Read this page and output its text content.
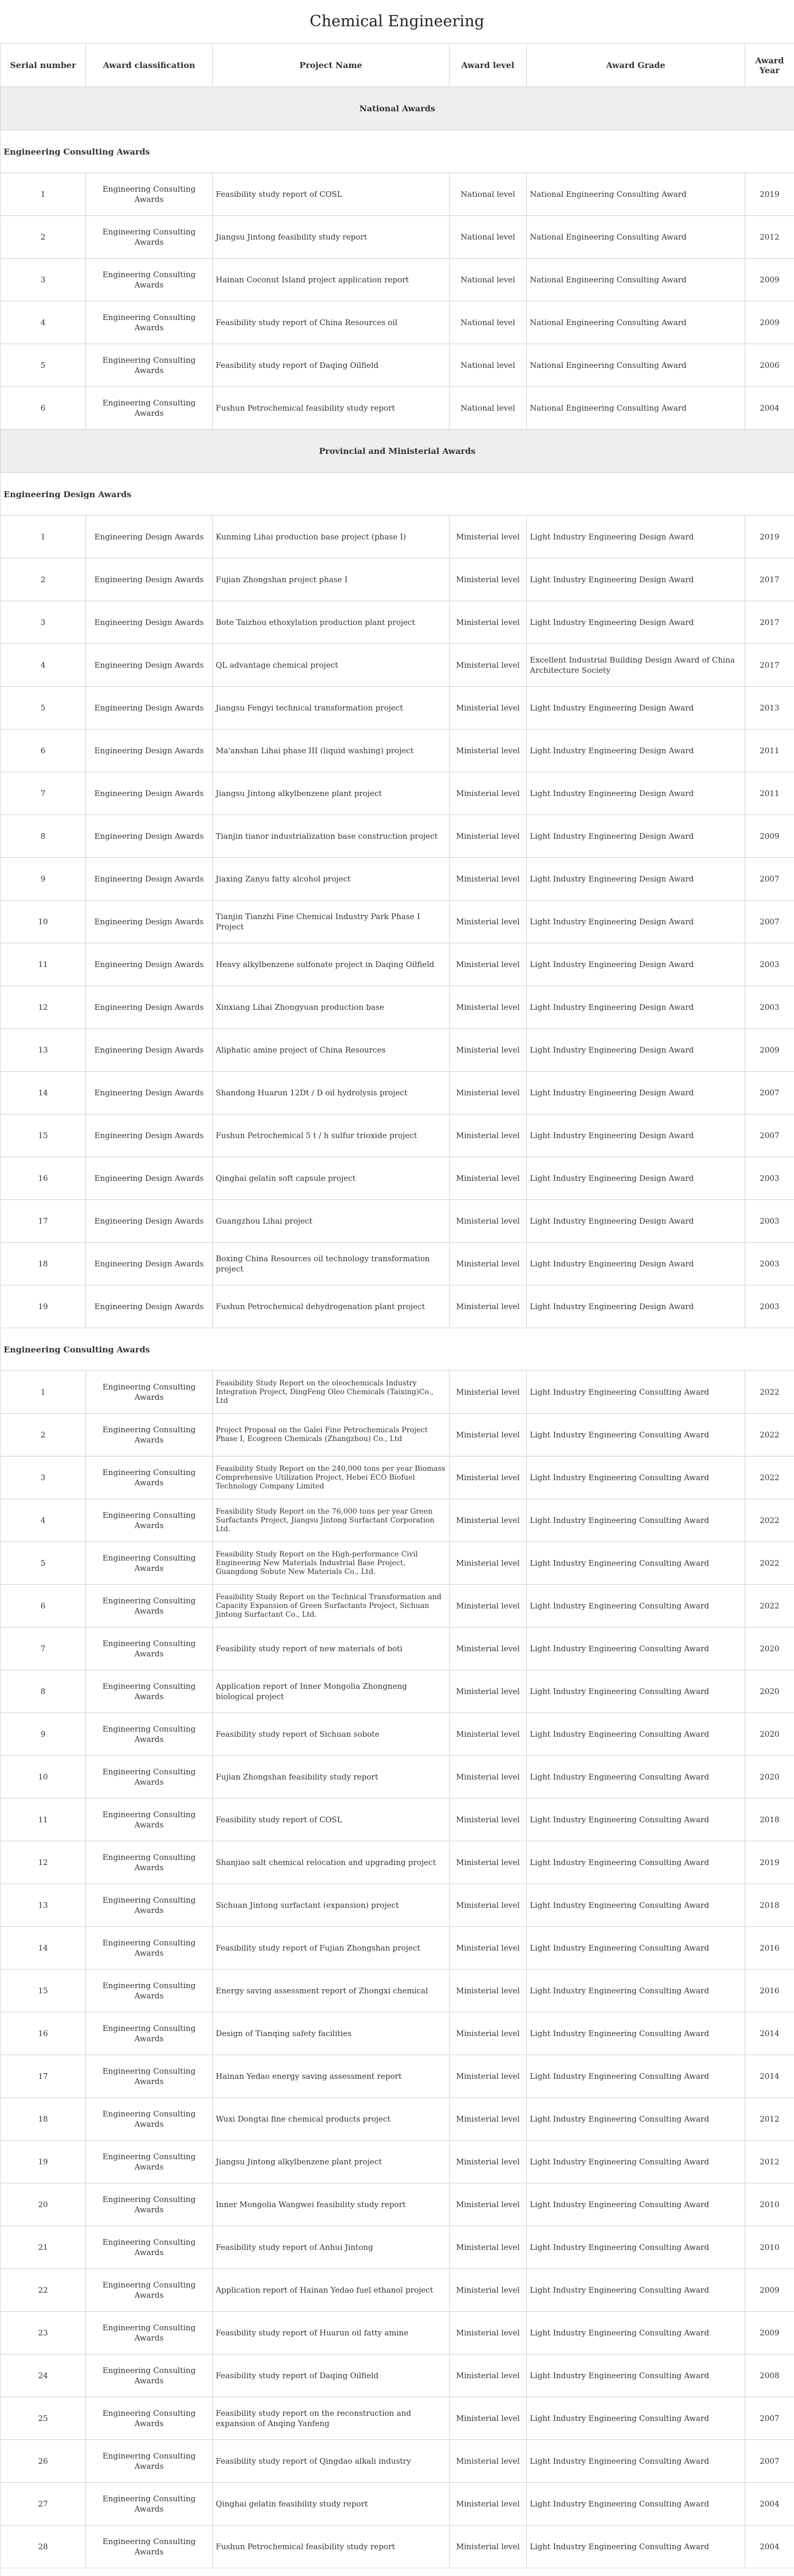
Chemical Engineering
Serial number	Award classification	Project Name	Award level	Award Grade	Award Year
National Awards					
Engineering Consulting Awards					
1	Engineering Consulting Awards	Feasibility study report of COSL	National level	National Engineering Consulting Award	2019
2	Engineering Consulting Awards	Jiangsu Jintong feasibility study report	National level	National Engineering Consulting Award	2012
3	Engineering Consulting Awards	Hainan Coconut Island project application report	National level	National Engineering Consulting Award	2009
4	Engineering Consulting Awards	Feasibility study report of China Resources oil	National level	National Engineering Consulting Award	2009
5	Engineering Consulting Awards	Feasibility study report of Daqing Oilfield	National level	National Engineering Consulting Award	2006
6	Engineering Consulting Awards	Fushun Petrochemical feasibility study report	National level	National Engineering Consulting Award	2004
Provincial and Ministerial Awards					
Engineering Design Awards					
1	Engineering Design Awards	Kunming Lihai production base project (phase I)	Ministerial level	Light Industry Engineering Design Award	2019
2	Engineering Design Awards	Fujian Zhongshan project phase I	Ministerial level	Light Industry Engineering Design Award	2017
3	Engineering Design Awards	Bote Taizhou ethoxylation production plant project	Ministerial level	Light Industry Engineering Design Award	2017
4	Engineering Design Awards	QL advantage chemical project	Ministerial level	Excellent Industrial Building Design Award of China Architecture Society	2017
5	Engineering Design Awards	Jiangsu Fengyi technical transformation project	Ministerial level	Light Industry Engineering Design Award	2013
6	Engineering Design Awards	Ma'anshan Lihai phase III (liquid washing) project	Ministerial level	Light Industry Engineering Design Award	2011
7	Engineering Design Awards	Jiangsu Jintong alkylbenzene plant project	Ministerial level	Light Industry Engineering Design Award	2011
8	Engineering Design Awards	Tianjin tianor industrialization base construction project	Ministerial level	Light Industry Engineering Design Award	2009
9	Engineering Design Awards	Jiaxing Zanyu fatty alcohol project	Ministerial level	Light Industry Engineering Design Award	2007
10	Engineering Design Awards	Tianjin Tianzhi Fine Chemical Industry Park Phase I Project	Ministerial level	Light Industry Engineering Design Award	2007
11	Engineering Design Awards	Heavy alkylbenzene sulfonate project in Daqing Oilfield	Ministerial level	Light Industry Engineering Design Award	2003
12	Engineering Design Awards	Xinxiang Lihai Zhongyuan production base	Ministerial level	Light Industry Engineering Design Award	2003
13	Engineering Design Awards	Aliphatic amine project of China Resources	Ministerial level	Light Industry Engineering Design Award	2009
14	Engineering Design Awards	Shandong Huarun 12Dt / D oil hydrolysis project	Ministerial level	Light Industry Engineering Design Award	2007
15	Engineering Design Awards	Fushun Petrochemical 5 t / h sulfur trioxide project	Ministerial level	Light Industry Engineering Design Award	2007
16	Engineering Design Awards	Qinghai gelatin soft capsule project	Ministerial level	Light Industry Engineering Design Award	2003
17	Engineering Design Awards	Guangzhou Lihai project	Ministerial level	Light Industry Engineering Design Award	2003
18	Engineering Design Awards	Boxing China Resources oil technology transformation project	Ministerial level	Light Industry Engineering Design Award	2003
19	Engineering Design Awards	Fushun Petrochemical dehydrogenation plant project	Ministerial level	Light Industry Engineering Design Award	2003
Engineering Consulting Awards					
1	Engineering Consulting Awards	Feasibility Study Report on the oleochemicals Industry Integration Project, DingFeng Oleo Chemicals (Taixing)Co., Ltd	Ministerial level	Light Industry Engineering Consulting Award	2022
2	Engineering Consulting Awards	Project Proposal on the Galei Fine Petrochemicals Project Phase I, Ecogreen Chemicals (Zhangzhou) Co., Ltd	Ministerial level	Light Industry Engineering Consulting Award	2022
3	Engineering Consulting Awards	Feasibility Study Report on the 240,000 tons per year Biomass Comprehensive Utilization Project, Hebei ECO Biofuel Technology Company Limited	Ministerial level	Light Industry Engineering Consulting Award	2022
4	Engineering Consulting Awards	Feasibility Study Report on the 76,000 tons per year Green Surfactants Project, Jiangsu Jintong Surfactant Corporation Ltd.	Ministerial level	Light Industry Engineering Consulting Award	2022
5	Engineering Consulting Awards	Feasibility Study Report on the High-performance Civil Engineering New Materials Industrial Base Project, Guangdong Sobute New Materials Co., Ltd.	Ministerial level	Light Industry Engineering Consulting Award	2022
6	Engineering Consulting Awards	Feasibility Study Report on the Technical Transformation and Capacity Expansion of Green Surfactants Project, Sichuan Jintong Surfactant Co., Ltd.	Ministerial level	Light Industry Engineering Consulting Award	2022
7	Engineering Consulting Awards	Feasibility study report of new materials of boti	Ministerial level	Light Industry Engineering Consulting Award	2020
8	Engineering Consulting Awards	Application report of Inner Mongolia Zhongneng biological project	Ministerial level	Light Industry Engineering Consulting Award	2020
9	Engineering Consulting Awards	Feasibility study report of Sichuan sobote	Ministerial level	Light Industry Engineering Consulting Award	2020
10	Engineering Consulting Awards	Fujian Zhongshan feasibility study report	Ministerial level	Light Industry Engineering Consulting Award	2020
11	Engineering Consulting Awards	Feasibility study report of COSL	Ministerial level	Light Industry Engineering Consulting Award	2018
12	Engineering Consulting Awards	Shanjiao salt chemical relocation and upgrading project	Ministerial level	Light Industry Engineering Consulting Award	2019
13	Engineering Consulting Awards	Sichuan Jintong surfactant (expansion) project	Ministerial level	Light Industry Engineering Consulting Award	2018
14	Engineering Consulting Awards	Feasibility study report of Fujian Zhongshan project	Ministerial level	Light Industry Engineering Consulting Award	2016
15	Engineering Consulting Awards	Energy saving assessment report of Zhongxi chemical	Ministerial level	Light Industry Engineering Consulting Award	2016
16	Engineering Consulting Awards	Design of Tianqing safety facilities	Ministerial level	Light Industry Engineering Consulting Award	2014
17	Engineering Consulting Awards	Hainan Yedao energy saving assessment report	Ministerial level	Light Industry Engineering Consulting Award	2014
18	Engineering Consulting Awards	Wuxi Dongtai fine chemical products project	Ministerial level	Light Industry Engineering Consulting Award	2012
19	Engineering Consulting Awards	Jiangsu Jintong alkylbenzene plant project	Ministerial level	Light Industry Engineering Consulting Award	2012
20	Engineering Consulting Awards	Inner Mongolia Wangwei feasibility study report	Ministerial level	Light Industry Engineering Consulting Award	2010
21	Engineering Consulting Awards	Feasibility study report of Anhui Jintong	Ministerial level	Light Industry Engineering Consulting Award	2010
22	Engineering Consulting Awards	Application report of Hainan Yedao fuel ethanol project	Ministerial level	Light Industry Engineering Consulting Award	2009
23	Engineering Consulting Awards	Feasibility study report of Huarun oil fatty amine	Ministerial level	Light Industry Engineering Consulting Award	2009
24	Engineering Consulting Awards	Feasibility study report of Daqing Oilfield	Ministerial level	Light Industry Engineering Consulting Award	2008
25	Engineering Consulting Awards	Feasibility study report on the reconstruction and expansion of Anqing Yanfeng	Ministerial level	Light Industry Engineering Consulting Award	2007
26	Engineering Consulting Awards	Feasibility study report of Qingdao alkali industry	Ministerial level	Light Industry Engineering Consulting Award	2007
27	Engineering Consulting Awards	Qinghai gelatin feasibility study report	Ministerial level	Light Industry Engineering Consulting Award	2004
28	Engineering Consulting Awards	Fushun Petrochemical feasibility study report	Ministerial level	Light Industry Engineering Consulting Award	2004
